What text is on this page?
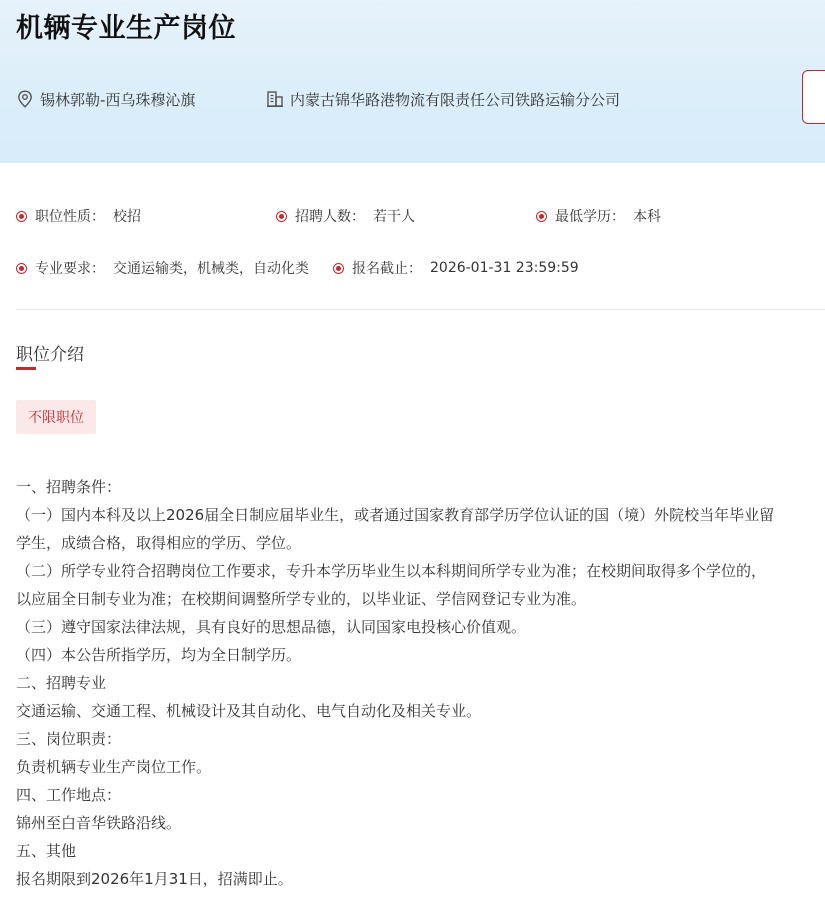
机辆专业生产岗位
锡林郭勒-西乌珠穆沁旗	内蒙古锦华路港物流有限责任公司铁路运输分公司
职位性质： 校招	招聘人数： 若干人	最低学历： 本科
专业要求： 交通运输类，机械类，自动化类	报名截止： 2026-01-31 23:59:59
职位介绍
不限职位
一、招聘条件：
（一）国内本科及以上2026届全日制应届毕业生，或者通过国家教育部学历学位认证的国（境）外院校当年毕业留
学生，成绩合格，取得相应的学历、学位。
（二）所学专业符合招聘岗位工作要求，专升本学历毕业生以本科期间所学专业为准；在校期间取得多个学位的，
以应届全日制专业为准；在校期间调整所学专业的，以毕业证、学信网登记专业为准。
（三）遵守国家法律法规，具有良好的思想品德，认同国家电投核心价值观。
（四）本公告所指学历，均为全日制学历。
二、招聘专业
交通运输、交通工程、机械设计及其自动化、电气自动化及相关专业。
三、岗位职责：
负责机辆专业生产岗位工作。
四、工作地点：
锦州至白音华铁路沿线。
五、其他
报名期限到2026年1月31日，招满即止。
